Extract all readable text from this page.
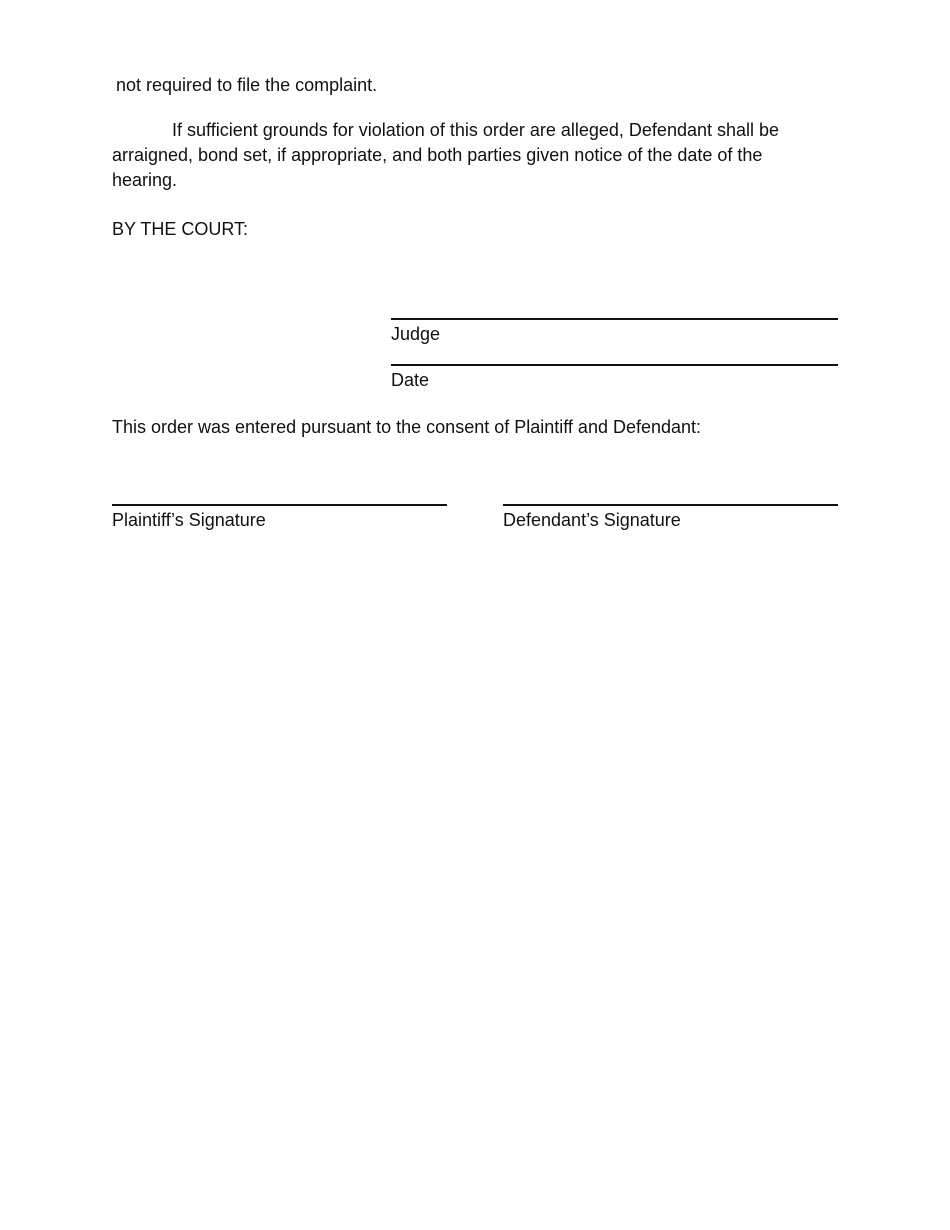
not required to file the complaint.
If sufficient grounds for violation of this order are alleged, Defendant shall be arraigned, bond set, if appropriate, and both parties given notice of the date of the hearing.
BY THE COURT:
Judge
Date
This order was entered pursuant to the consent of Plaintiff and Defendant:
Plaintiff’s Signature	Defendant’s Signature
